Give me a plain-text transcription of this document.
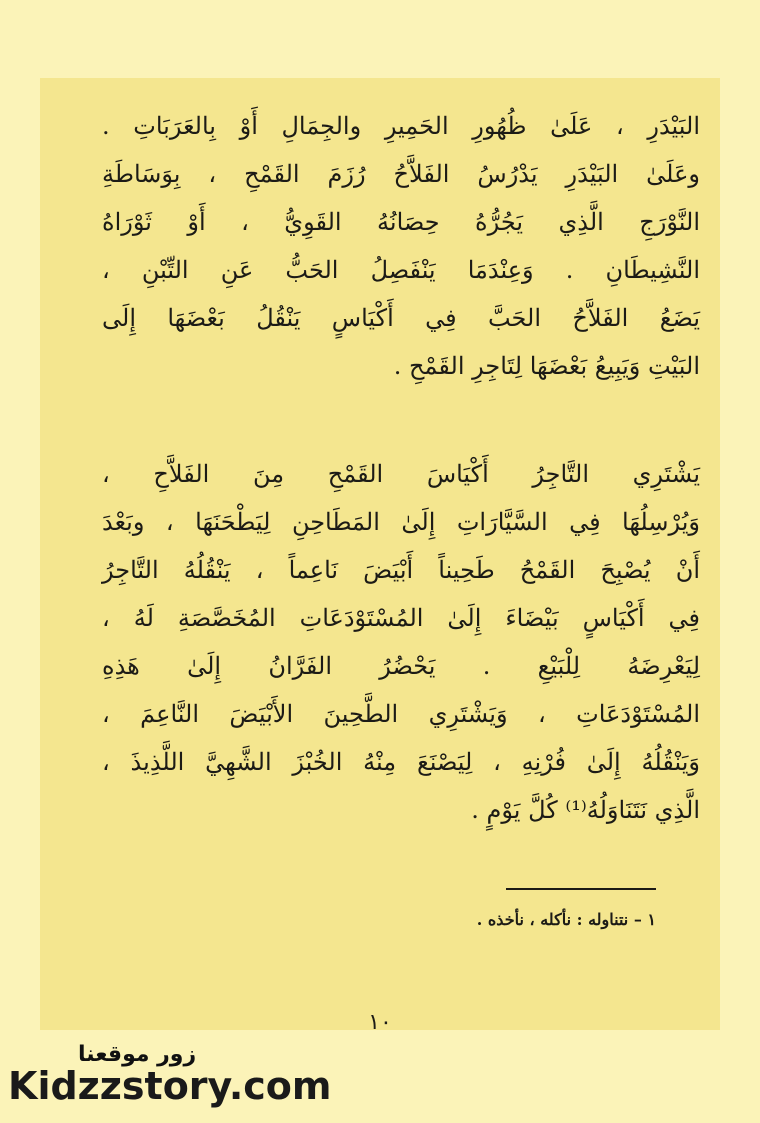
البَيْدَرِ ، عَلَىٰ ظُهُورِ الحَمِيرِ والجِمَالِ أَوْ بِالعَرَبَاتِ .
وعَلَىٰ البَيْدَرِ يَدْرُسُ الفَلاَّحُ رُزَمَ القَمْحِ ، بِوَسَاطَةِ
النَّوْرَجِ الَّذِي يَجُرُّهُ حِصَانُهُ القَوِيُّ ، أَوْ ثَوْرَاهُ
النَّشِيطَانِ . وَعِنْدَمَا يَنْفَصِلُ الحَبُّ عَنِ التِّبْنِ ،
يَضَعُ الفَلاَّحُ الحَبَّ فِي أَكْيَاسٍ يَنْقُلُ بَعْضَهَا إِلَى
البَيْتِ وَيَبِيعُ بَعْضَهَا لِتَاجِرِ القَمْحِ .
يَشْتَرِي التَّاجِرُ أَكْيَاسَ القَمْحِ مِنَ الفَلاَّحِ ،
وَيُرْسِلُهَا فِي السَّيَّارَاتِ إِلَىٰ المَطَاحِنِ لِيَطْحَنَهَا ، وبَعْدَ
أَنْ يُصْبِحَ القَمْحُ طَحِيناً أَبْيَضَ نَاعِماً ، يَنْقُلُهُ التَّاجِرُ
فِي أَكْيَاسٍ بَيْضَاءَ إِلَىٰ المُسْتَوْدَعَاتِ المُخَصَّصَةِ لَهُ ،
لِيَعْرِضَهُ لِلْبَيْعِ . يَحْضُرُ الفَرَّانُ إِلَىٰ هَذِهِ
المُسْتَوْدَعَاتِ ، وَيَشْتَرِي الطَّحِينَ الأَبْيَضَ النَّاعِمَ ،
وَيَنْقُلُهُ إِلَىٰ فُرْنِهِ ، لِيَصْنَعَ مِنْهُ الخُبْزَ الشَّهِيَّ اللَّذِيذَ ،
الَّذِي نَتَنَاوَلُهُ⁽¹⁾ كُلَّ يَوْمٍ .
١ – نتناوله : نأكله ، نأخذه .
١٠
زور موقعنا
Kidzzstory.com
